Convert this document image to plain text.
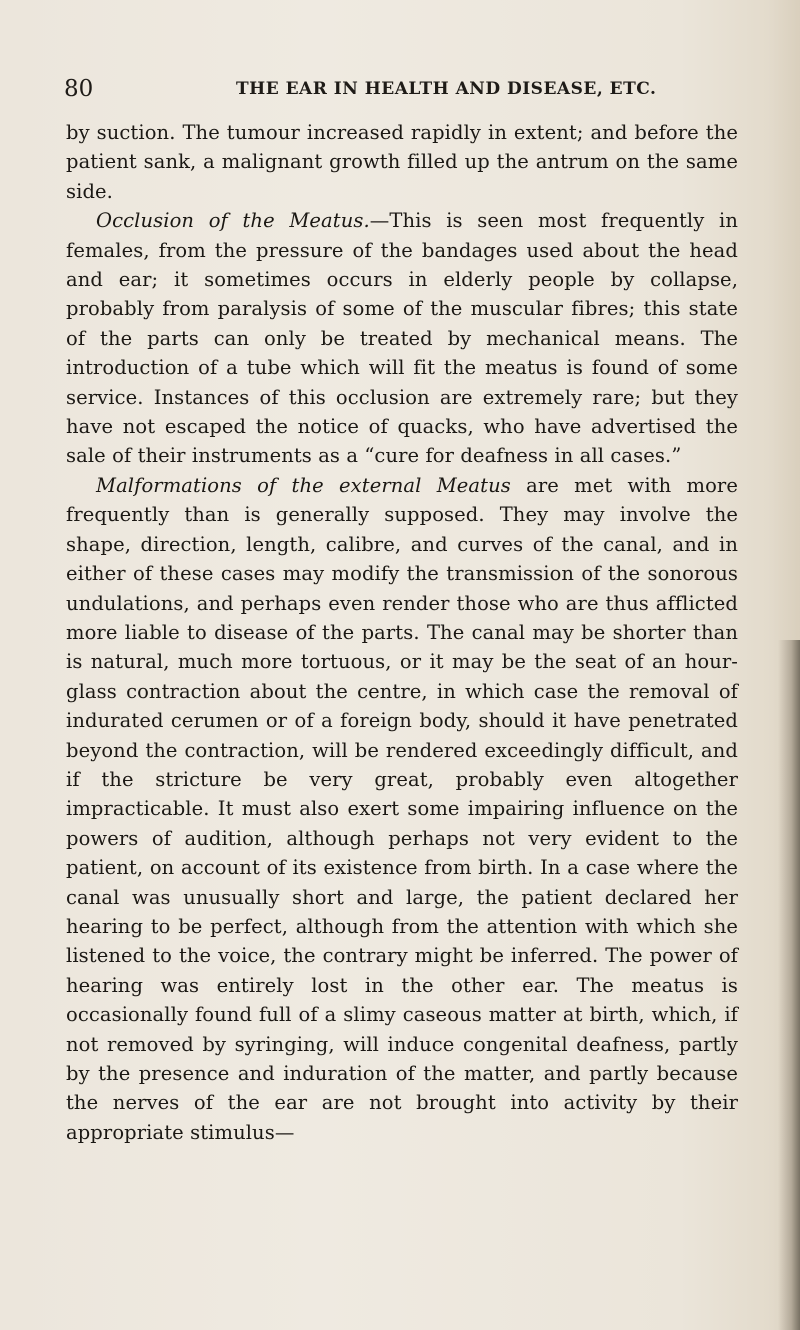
80	THE EAR IN HEALTH AND DISEASE, ETC.

by suction. The tumour increased rapidly in extent; and before the patient sank, a malignant growth filled up the antrum on the same side.

Occlusion of the Meatus.—This is seen most frequently in females, from the pressure of the bandages used about the head and ear; it sometimes occurs in elderly people by collapse, probably from paralysis of some of the muscular fibres; this state of the parts can only be treated by mechanical means. The introduction of a tube which will fit the meatus is found of some service. Instances of this occlusion are extremely rare; but they have not escaped the notice of quacks, who have advertised the sale of their instruments as a “cure for deafness in all cases.”

Malformations of the external Meatus are met with more frequently than is generally supposed. They may involve the shape, direction, length, calibre, and curves of the canal, and in either of these cases may modify the transmission of the sonorous undulations, and perhaps even render those who are thus afflicted more liable to disease of the parts. The canal may be shorter than is natural, much more tortuous, or it may be the seat of an hour-glass contraction about the centre, in which case the removal of indurated cerumen or of a foreign body, should it have penetrated beyond the contraction, will be rendered exceedingly difficult, and if the stricture be very great, probably even altogether impracticable. It must also exert some impairing influence on the powers of audition, although perhaps not very evident to the patient, on account of its existence from birth. In a case where the canal was unusually short and large, the patient declared her hearing to be perfect, although from the attention with which she listened to the voice, the contrary might be inferred. The power of hearing was entirely lost in the other ear. The meatus is occasionally found full of a slimy caseous matter at birth, which, if not removed by syringing, will induce congenital deafness, partly by the presence and induration of the matter, and partly because the nerves of the ear are not brought into activity by their appropriate stimulus—
